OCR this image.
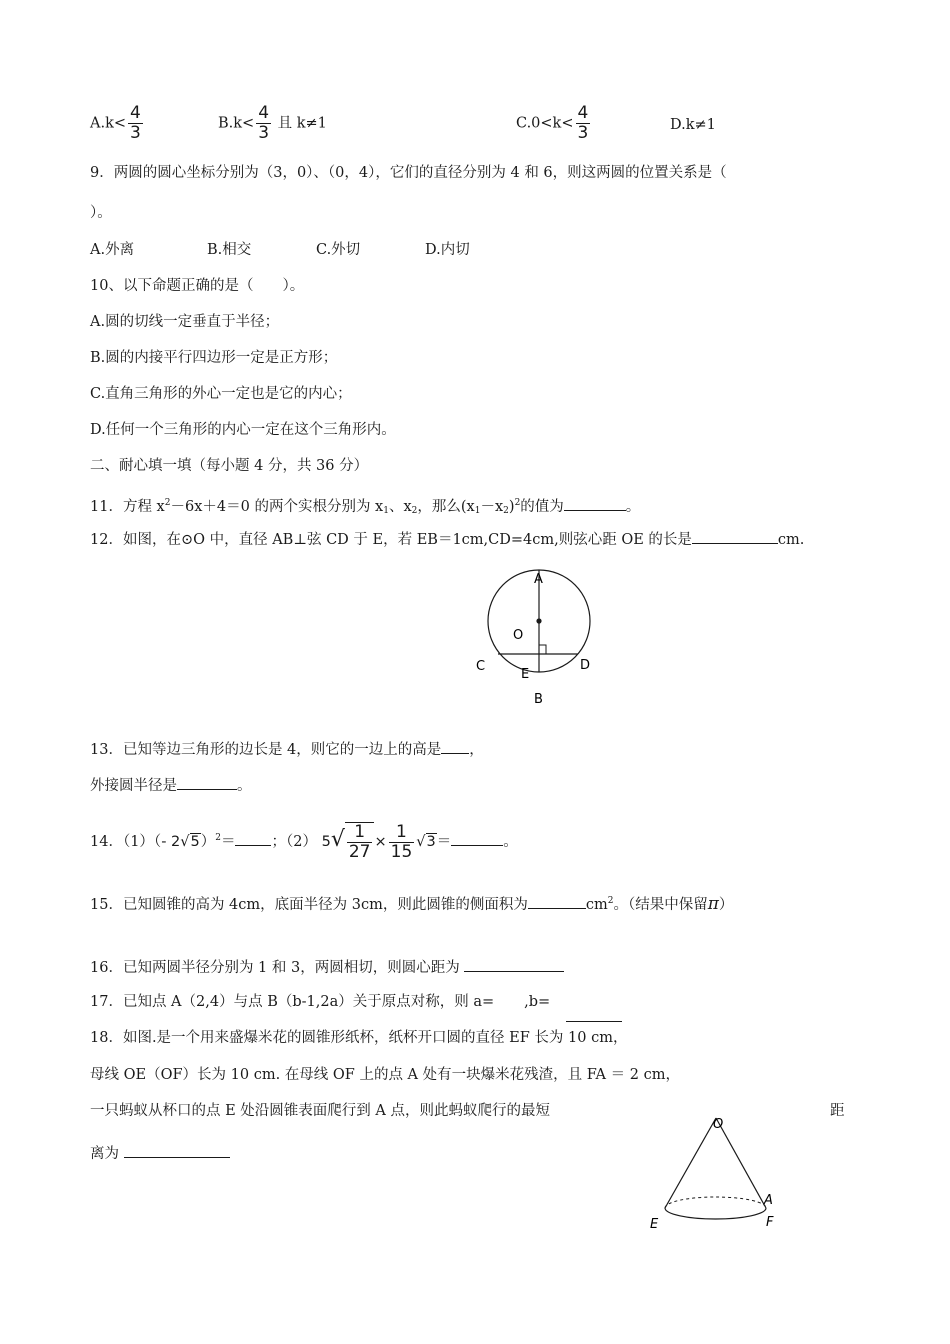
$A.k< \frac{4}{3}$	$B.k< \frac{4}{3}$ 且 k≠1	$C.0<k< \frac{4}{3}$	D.k≠1
9．两圆的圆心坐标分别为（3，0）、（0，4），它们的直径分别为 4 和 6，则这两圆的位置关系是（
）。
A.外离	B.相交	C.外切	D.内切
10、以下命题正确的是（　　）。
A.圆的切线一定垂直于半径；
B.圆的内接平行四边形一定是正方形；
C.直角三角形的外心一定也是它的内心；
D.任何一个三角形的内心一定在这个三角形内。
二、耐心填一填（每小题 4 分，共 36 分）
11．方程 $x^2-6x+4=0$ 的两个实根分别为 $x_1$、$x_2$，那么$(x_1-x_2)^2$的值为	。
12．如图，在⊙O 中，直径 AB⊥弦 CD 于 E，若 EB＝1cm,CD=4cm,则弦心距 OE 的长是	cm.
A
O
C	D
E
B
13．已知等边三角形的边长是 4，则它的一边上的高是 ，
外接圆半径是	。
14．（1）（- 2√5）$^2$＝ ；（2） $5√ \frac{1}{27} \times \frac{1}{15} √3=$	。
15．已知圆锥的高为 4cm，底面半径为 3cm，则此圆锥的侧面积为	$cm^2$。（结果中保留π）
16．已知两圆半径分别为 1 和 3，两圆相切，则圆心距为
17．已知点 A（2,4）与点 B（b-1,2a）关于原点对称，则 a= ,b=
18．如图.是一个用来盛爆米花的圆锥形纸杯，纸杯开口圆的直径 EF 长为 10 cm，
母线 OE（OF）长为 10 cm. 在母线 OF 上的点 A 处有一块爆米花残渣，且 FA ＝ 2 cm，
一只蚂蚁从杯口的点 E 处沿圆锥表面爬行到 A 点，则此蚂蚁爬行的最短	距
离为
O
A
E	F
